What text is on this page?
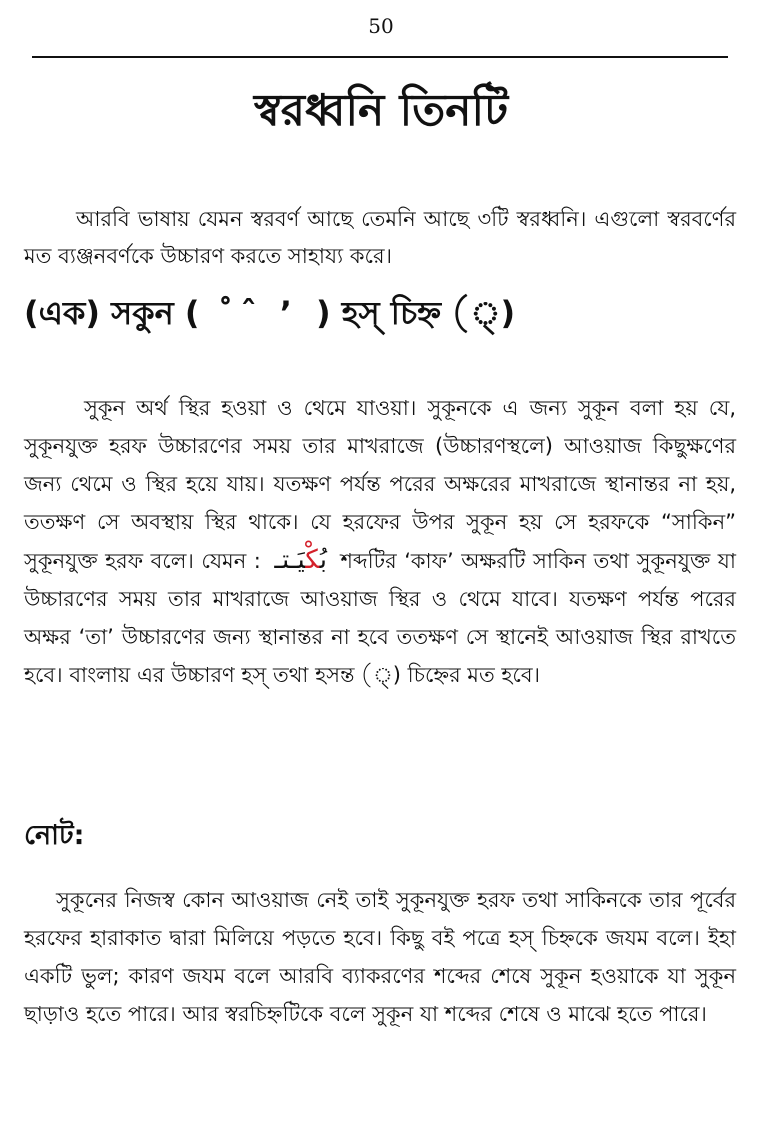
50
স্বরধ্বনি তিনটি

আরবি ভাষায় যেমন স্বরবর্ণ আছে তেমনি আছে ৩টি স্বরধ্বনি। এগুলো স্বরবর্ণের মত ব্যঞ্জনবর্ণকে উচ্চারণ করতে সাহায্য করে।

(এক) সকুন ( ْ ˆ ’ ) হস্ চিহ্ন ()

সুকূন অর্থ স্থির হওয়া ও থেমে যাওয়া। সুকূনকে এ জন্য সুকূন বলা হয় যে, সুকূনযুক্ত হরফ উচ্চারণের সময় তার মাখরাজে (উচ্চারণস্থলে) আওয়াজ কিছুক্ষণের জন্য থেমে ও স্থির হয়ে যায়। যতক্ষণ পর্যন্ত পরের অক্ষরের মাখরাজে স্থানান্তর না হয়, ততক্ষণ সে অবস্থায় স্থির থাকে। যে হরফের উপর সুকূন হয় সে হরফকে “সাকিন” সুকূনযুক্ত হরফ বলে। যেমন : بُكْيَـتـ শব্দটির ‘কাফ’ অক্ষরটি সাকিন তথা সুকূনযুক্ত যা উচ্চারণের সময় তার মাখরাজে আওয়াজ স্থির ও থেমে যাবে। যতক্ষণ পর্যন্ত পরের অক্ষর ‘তা’ উচ্চারণের জন্য স্থানান্তর না হবে ততক্ষণ সে স্থানেই আওয়াজ স্থির রাখতে হবে। বাংলায় এর উচ্চারণ হস্ তথা হসন্ত (্) চিহ্নের মত হবে।

নোট:

সুকূনের নিজস্ব কোন আওয়াজ নেই তাই সুকূনযুক্ত হরফ তথা সাকিনকে তার পূর্বের হরফের হারাকাত দ্বারা মিলিয়ে পড়তে হবে। কিছু বই পত্রে হস্ চিহ্নকে জযম বলে। ইহা একটি ভুল; কারণ জযম বলে আরবি ব্যাকরণের শব্দের শেষে সুকূন হওয়াকে যা সুকূন ছাড়াও হতে পারে। আর স্বরচিহ্নটিকে বলে সুকূন যা শব্দের শেষে ও মাঝে হতে পারে।
